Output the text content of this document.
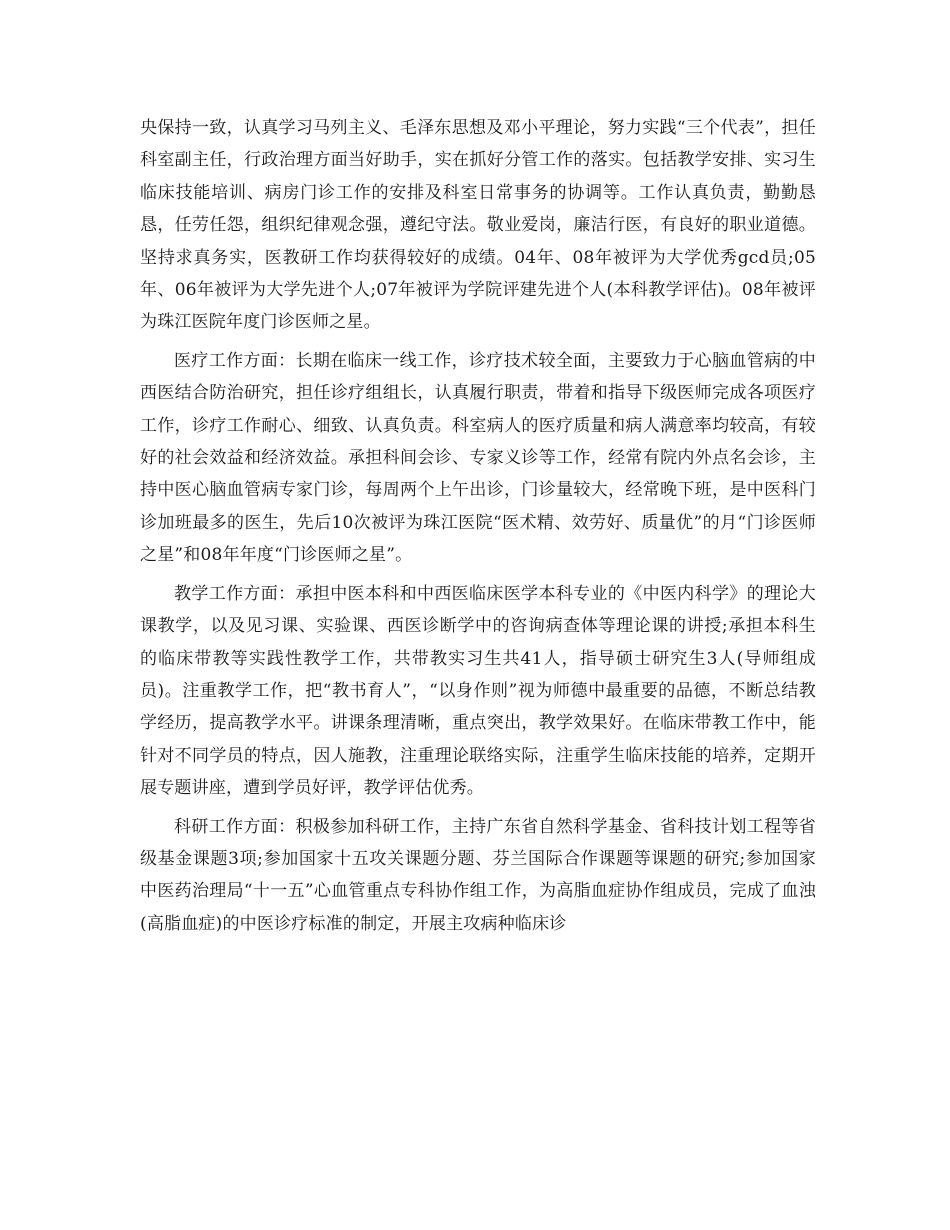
央保持一致，认真学习马列主义、毛泽东思想及邓小平理论，努力实践“三个代表”，担任科室副主任，行政治理方面当好助手，实在抓好分管工作的落实。包括教学安排、实习生临床技能培训、病房门诊工作的安排及科室日常事务的协调等。工作认真负责，勤勤恳恳，任劳任怨，组织纪律观念强，遵纪守法。敬业爱岗，廉洁行医，有良好的职业道德。坚持求真务实，医教研工作均获得较好的成绩。04年、08年被评为大学优秀gcd员;05年、06年被评为大学先进个人;07年被评为学院评建先进个人(本科教学评估)。08年被评为珠江医院年度门诊医师之星。

医疗工作方面：长期在临床一线工作，诊疗技术较全面，主要致力于心脑血管病的中西医结合防治研究，担任诊疗组组长，认真履行职责，带着和指导下级医师完成各项医疗工作，诊疗工作耐心、细致、认真负责。科室病人的医疗质量和病人满意率均较高，有较好的社会效益和经济效益。承担科间会诊、专家义诊等工作，经常有院内外点名会诊，主持中医心脑血管病专家门诊，每周两个上午出诊，门诊量较大，经常晚下班，是中医科门诊加班最多的医生，先后10次被评为珠江医院“医术精、效劳好、质量优”的月“门诊医师之星”和08年年度“门诊医师之星”。

教学工作方面：承担中医本科和中西医临床医学本科专业的《中医内科学》的理论大课教学，以及见习课、实验课、西医诊断学中的咨询病查体等理论课的讲授;承担本科生的临床带教等实践性教学工作，共带教实习生共41人，指导硕士研究生3人(导师组成员)。注重教学工作，把“教书育人”，“以身作则”视为师德中最重要的品德，不断总结教学经历，提高教学水平。讲课条理清晰，重点突出，教学效果好。在临床带教工作中，能针对不同学员的特点，因人施教，注重理论联络实际，注重学生临床技能的培养，定期开展专题讲座，遭到学员好评，教学评估优秀。

科研工作方面：积极参加科研工作，主持广东省自然科学基金、省科技计划工程等省级基金课题3项;参加国家十五攻关课题分题、芬兰国际合作课题等课题的研究;参加国家中医药治理局“十一五”心血管重点专科协作组工作，为高脂血症协作组成员，完成了血浊(高脂血症)的中医诊疗标准的制定，开展主攻病种临床诊
